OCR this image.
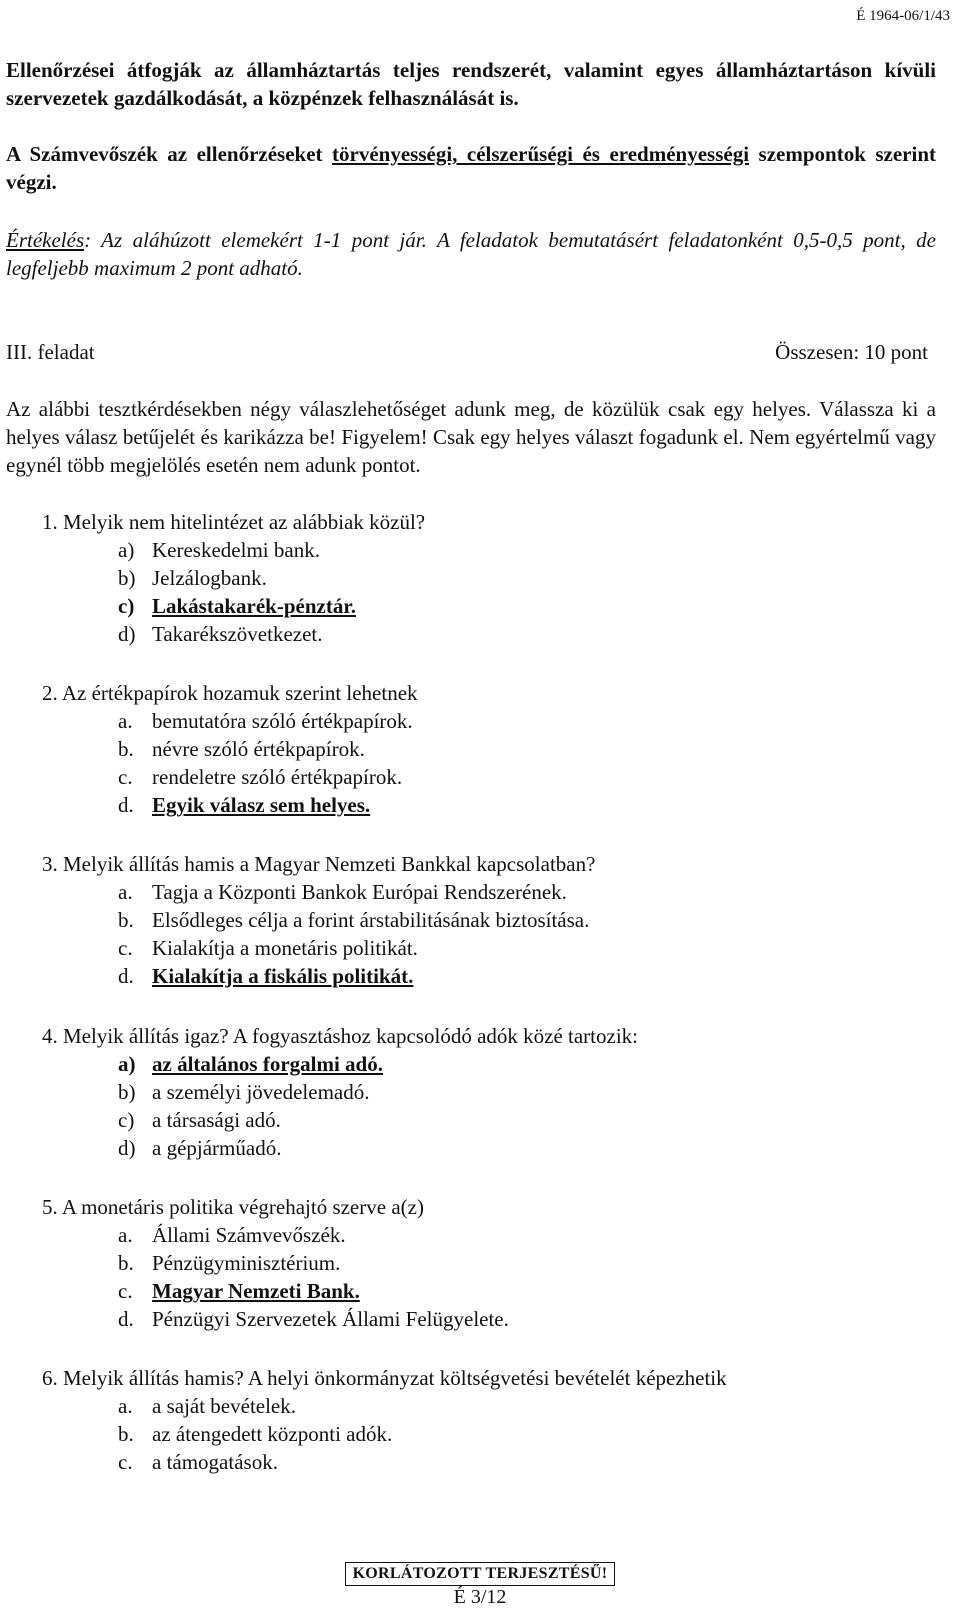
É 1964-06/1/43
Ellenőrzései átfogják az államháztartás teljes rendszerét, valamint egyes államháztartáson kívüli szervezetek gazdálkodását, a közpénzek felhasználását is.
A Számvevőszék az ellenőrzéseket törvényességi, célszerűségi és eredményességi szempontok szerint végzi.
Értékelés: Az aláhúzott elemekért 1-1 pont jár. A feladatok bemutatásért feladatonként 0,5-0,5 pont, de legfeljebb maximum 2 pont adható.
III. feladat	Összesen: 10 pont
Az alábbi tesztkérdésekben négy válaszlehetőséget adunk meg, de közülük csak egy helyes. Válassza ki a helyes válasz betűjelét és karikázza be! Figyelem! Csak egy helyes választ fogadunk el. Nem egyértelmű vagy egynél több megjelölés esetén nem adunk pontot.
1. Melyik nem hitelintézet az alábbiak közül?
a) Kereskedelmi bank.
b) Jelzálogbank.
c) Lakástakarék-pénztár.
d) Takarékszövetkezet.
2. Az értékpapírok hozamuk szerint lehetnek
a. bemutatóra szóló értékpapírok.
b. névre szóló értékpapírok.
c. rendeletre szóló értékpapírok.
d. Egyik válasz sem helyes.
3. Melyik állítás hamis a Magyar Nemzeti Bankkal kapcsolatban?
a. Tagja a Központi Bankok Európai Rendszerének.
b. Elsődleges célja a forint árstabilitásának biztosítása.
c. Kialakítja a monetáris politikát.
d. Kialakítja a fiskális politikát.
4. Melyik állítás igaz? A fogyasztáshoz kapcsolódó adók közé tartozik:
a) az általános forgalmi adó.
b) a személyi jövedelemadó.
c) a társasági adó.
d) a gépjárműadó.
5. A monetáris politika végrehajtó szerve a(z)
a. Állami Számvevőszék.
b. Pénzügyminisztérium.
c. Magyar Nemzeti Bank.
d. Pénzügyi Szervezetek Állami Felügyelete.
6. Melyik állítás hamis? A helyi önkormányzat költségvetési bevételét képezhetik
a. a saját bevételek.
b. az átengedett központi adók.
c. a támogatások.
KORLÁTOZOTT TERJESZTÉSŰ!
É 3/12
